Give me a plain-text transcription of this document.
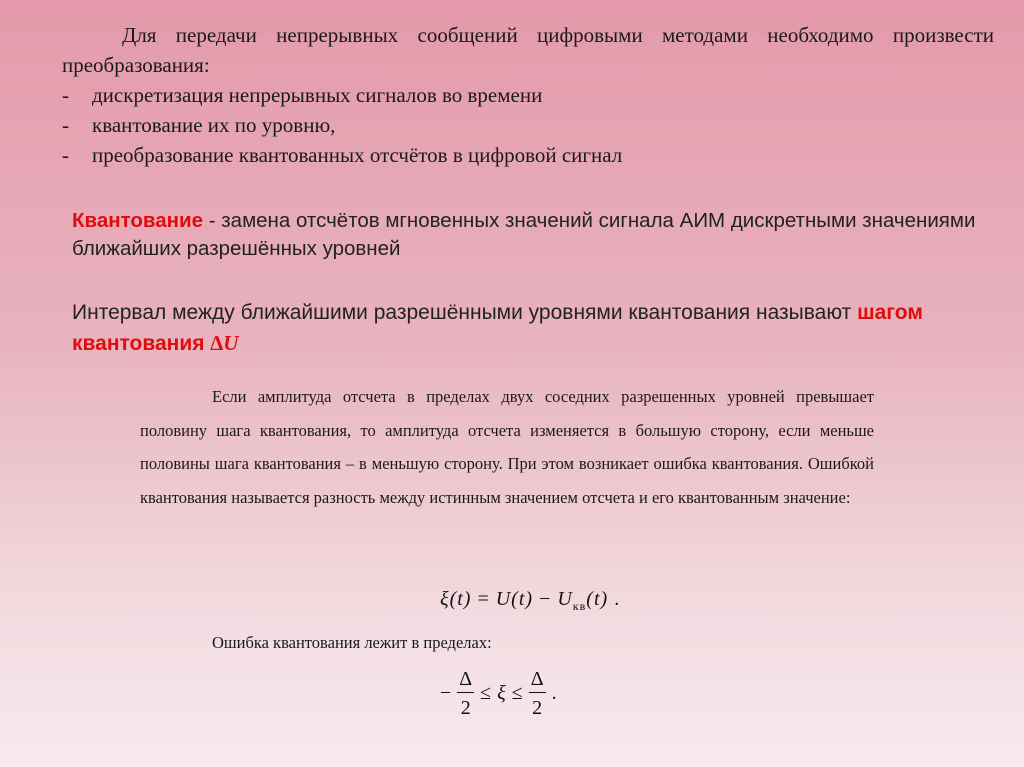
Для передачи непрерывных сообщений цифровыми методами необходимо произвести преобразования:
-	дискретизация непрерывных сигналов во времени
-	квантование их по уровню,
-	преобразование квантованных отсчётов в цифровой сигнал
Квантование - замена отсчётов мгновенных значений сигнала АИМ дискретными значениями ближайших разрешённых уровней
Интервал между ближайшими разрешёнными уровнями квантования называют шагом квантования ∆U

Если амплитуда отсчета в пределах двух соседних разрешенных уровней превышает половину шага квантования, то амплитуда отсчета изменяется в большую сторону, если меньше половины шага квантования – в меньшую сторону. При этом возникает ошибка квантования. Ошибкой квантования называется разность между истинным значением отсчета и его квантованным значение:

$\xi(t) = U(t) - U_{кв}(t)$ .
Ошибка квантования лежит в пределах:
− $\frac{\Delta}{2} \le \xi \le \frac{\Delta}{2}$ .
